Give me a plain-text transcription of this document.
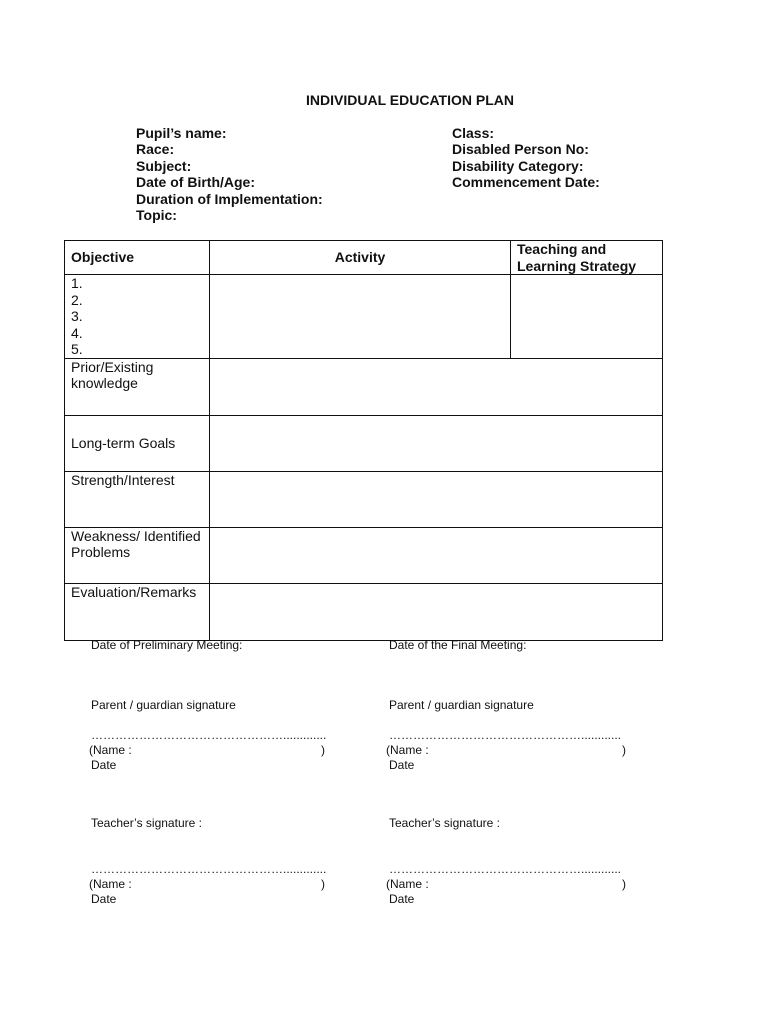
INDIVIDUAL EDUCATION PLAN
Pupil’s name:
Race:
Subject:
Date of Birth/Age:
Duration of Implementation:
Topic:
Class:
Disabled Person No:
Disability Category:
Commencement Date:
Objective	Activity	Teaching and
Learning Strategy

1.
2.
3.
4.
5.		

Prior/Existing
knowledge		

Long-term Goals		
Strength/Interest		

Weakness/ Identified
Problems		

Evaluation/Remarks		
Date of Preliminary Meeting:
Parent / guardian signature
………………………………………….............
(Name :	)
Date
Teacher’s signature :
………………………………………….............
(Name :	)
Date
Date of the Final Meeting:
Parent / guardian signature
…………………………………………............
(Name :	)
Date
Teacher’s signature :
…………………………………………............
(Name :	)
Date
